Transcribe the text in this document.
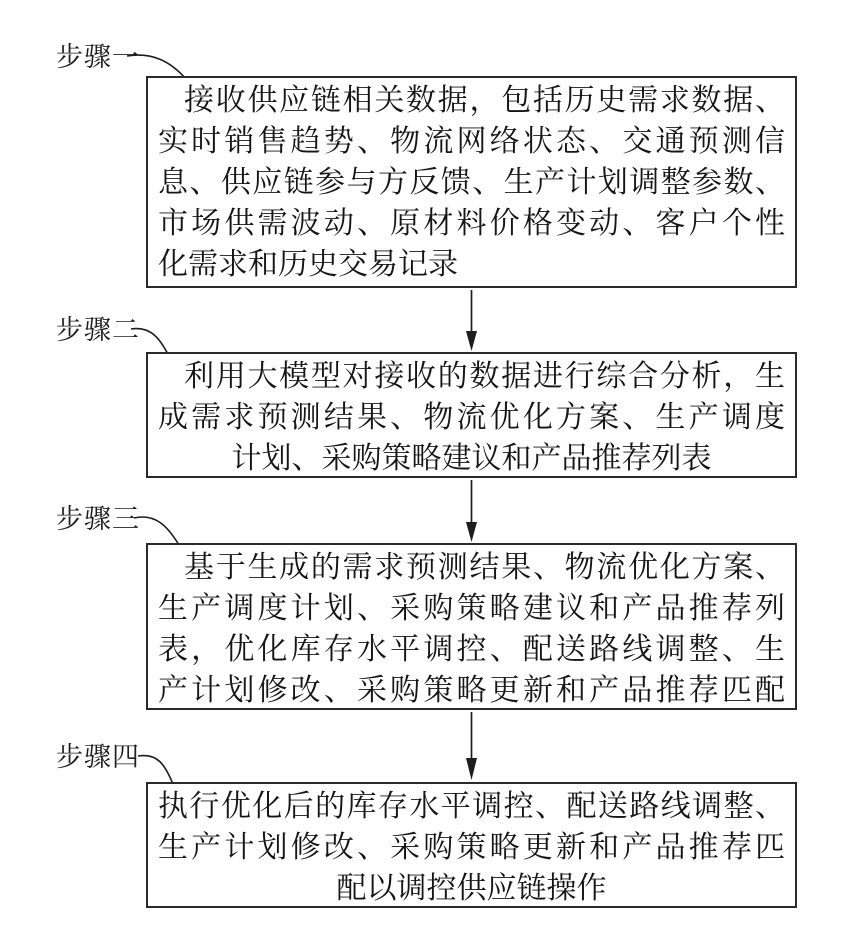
步骤一
步骤二
步骤三
步骤四
接收供应链相关数据，包括历史需求数据、
实时销售趋势、物流网络状态、交通预测信
息、供应链参与方反馈、生产计划调整参数、
市场供需波动、原材料价格变动、客户个性
化需求和历史交易记录
利用大模型对接收的数据进行综合分析，生
成需求预测结果、物流优化方案、生产调度
计划、采购策略建议和产品推荐列表
基于生成的需求预测结果、物流优化方案、
生产调度计划、采购策略建议和产品推荐列
表，优化库存水平调控、配送路线调整、生
产计划修改、采购策略更新和产品推荐匹配
执行优化后的库存水平调控、配送路线调整、
生产计划修改、采购策略更新和产品推荐匹
配以调控供应链操作
